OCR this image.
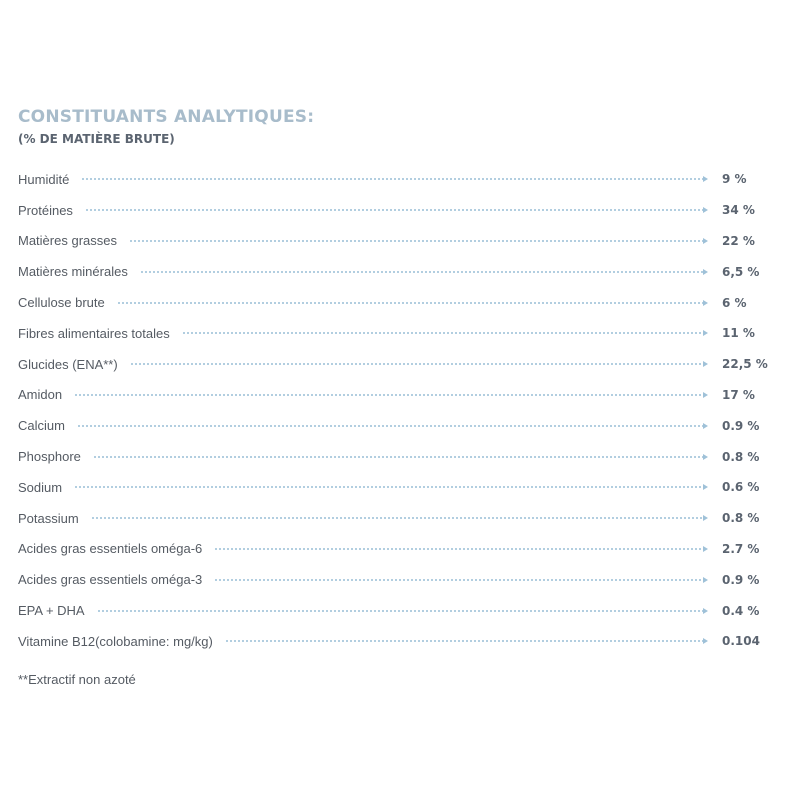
CONSTITUANTS ANALYTIQUES:
(% DE MATIÈRE BRUTE)
Humidité	9 %
Protéines	34 %
Matières grasses	22 %
Matières minérales	6,5 %
Cellulose brute	6 %
Fibres alimentaires totales	11 %
Glucides (ENA**)	22,5 %
Amidon	17 %
Calcium	0.9 %
Phosphore	0.8 %
Sodium	0.6 %
Potassium	0.8 %
Acides gras essentiels oméga-6	2.7 %
Acides gras essentiels oméga-3	0.9 %
EPA + DHA	0.4 %
Vitamine B12(colobamine: mg/kg)	0.104

**Extractif non azoté
